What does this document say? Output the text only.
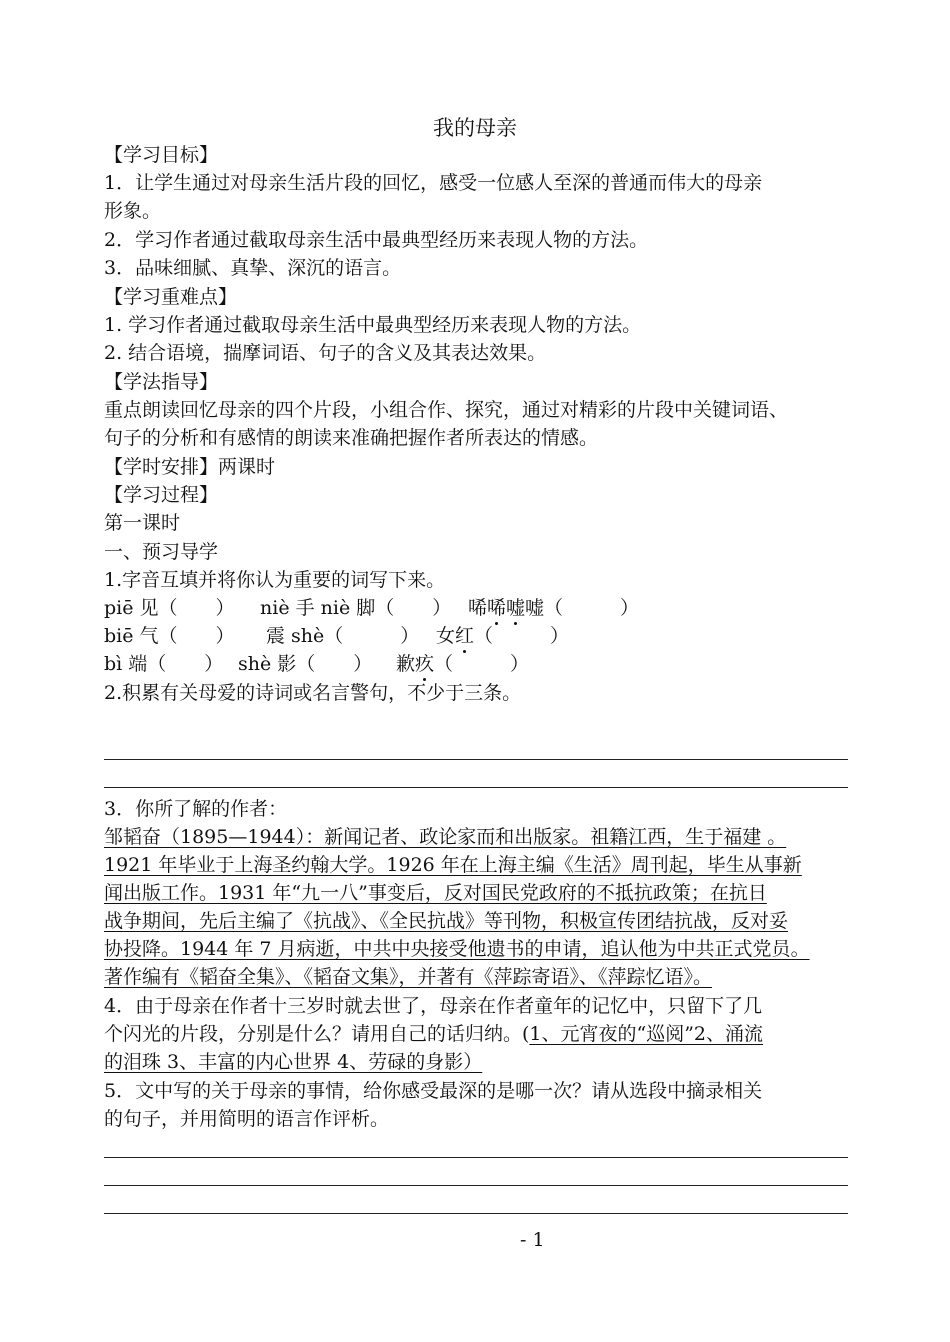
我的母亲
【学习目标】
1．让学生通过对母亲生活片段的回忆，感受一位感人至深的普通而伟大的母亲
形象。
2．学习作者通过截取母亲生活中最典型经历来表现人物的方法。
3．品味细腻、真挚、深沉的语言。
【学习重难点】
1. 学习作者通过截取母亲生活中最典型经历来表现人物的方法。
2. 结合语境，揣摩词语、句子的含义及其表达效果。
【学法指导】
重点朗读回忆母亲的四个片段，小组合作、探究，通过对精彩的片段中关键词语、
句子的分析和有感情的朗读来准确把握作者所表达的情感。
【学时安排】两课时
【学习过程】
第一课时
一、预习导学
1.字音互填并将你认为重要的词写下来。
piē 见（　　） niè 手 niè 脚（　　） 唏唏嘘嘘（　　　）
biē 气（　　） 震 shè（　　　） 女红（　　　）
bì 端（　　） shè 影（　　） 歉疚（　　　）
2.积累有关母爱的诗词或名言警句，不少于三条。
3．你所了解的作者：
邹韬奋（1895—1944）：新闻记者、政论家而和出版家。祖籍江西，生于福建 。
1921 年毕业于上海圣约翰大学。1926 年在上海主编《生活》周刊起，毕生从事新
闻出版工作。1931 年“九一八”事变后，反对国民党政府的不抵抗政策；在抗日
战争期间，先后主编了《抗战》、《全民抗战》等刊物，积极宣传团结抗战，反对妥
协投降。1944 年 7 月病逝，中共中央接受他遗书的申请，追认他为中共正式党员。
著作编有《韬奋全集》、《韬奋文集》，并著有《萍踪寄语》、《萍踪忆语》。
4．由于母亲在作者十三岁时就去世了，母亲在作者童年的记忆中，只留下了几
个闪光的片段，分别是什么？请用自己的话归纳。(1、元宵夜的“巡阅”2、涌流
的泪珠 3、丰富的内心世界 4、劳碌的身影）
5．文中写的关于母亲的事情，给你感受最深的是哪一次？请从选段中摘录相关
的句子，并用简明的语言作评析。
- 1
